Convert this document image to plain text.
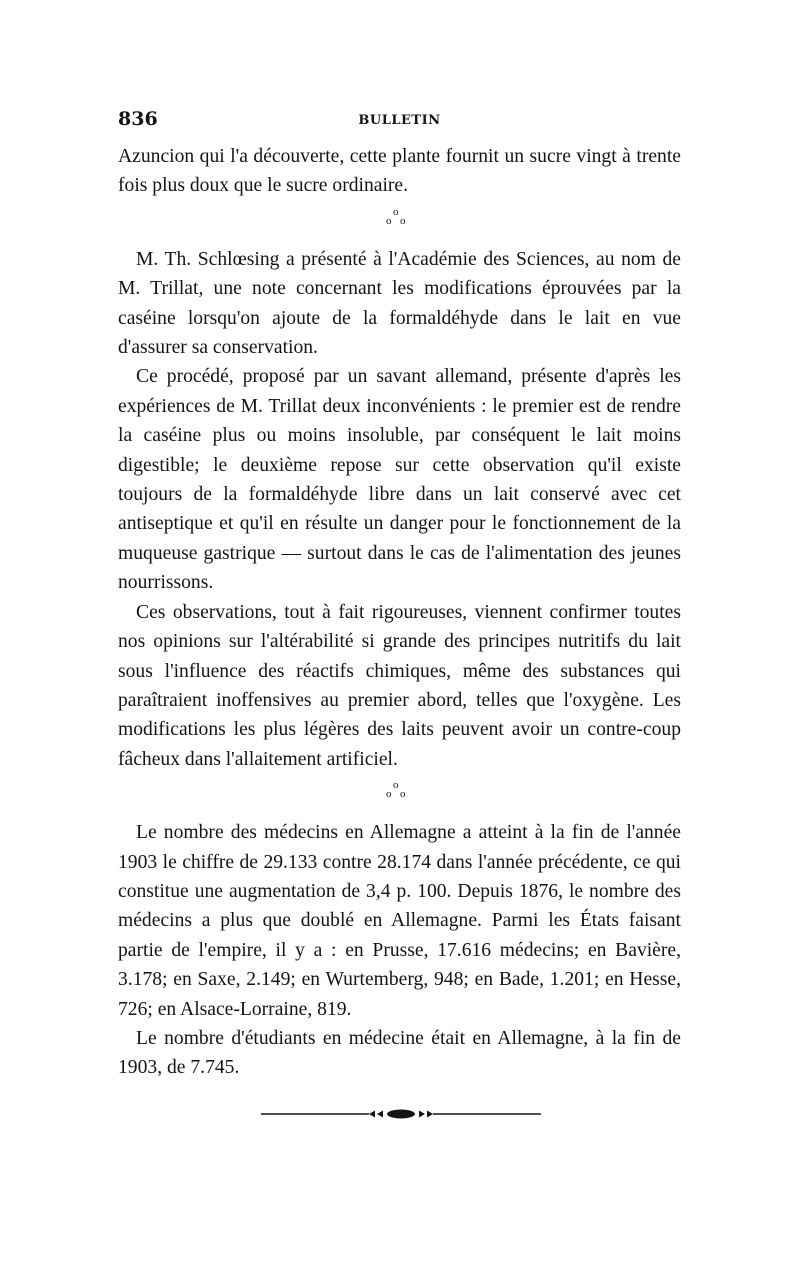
836	BULLETIN

Azuncion qui l'a découverte, cette plante fournit un sucre vingt à trente fois plus doux que le sucre ordinaire.

o
o o

M. Th. Schlœsing a présenté à l'Académie des Sciences, au nom de M. Trillat, une note concernant les modifications éprouvées par la caséine lorsqu'on ajoute de la formaldéhyde dans le lait en vue d'assurer sa conservation.

Ce procédé, proposé par un savant allemand, présente d'après les expériences de M. Trillat deux inconvénients : le premier est de rendre la caséine plus ou moins insoluble, par conséquent le lait moins digestible; le deuxième repose sur cette observation qu'il existe toujours de la formaldéhyde libre dans un lait conservé avec cet antiseptique et qu'il en résulte un danger pour le fonctionnement de la muqueuse gastrique — surtout dans le cas de l'alimentation des jeunes nourrissons.

Ces observations, tout à fait rigoureuses, viennent confirmer toutes nos opinions sur l'altérabilité si grande des principes nutritifs du lait sous l'influence des réactifs chimiques, même des substances qui paraîtraient inoffensives au premier abord, telles que l'oxygène. Les modifications les plus légères des laits peuvent avoir un contre-coup fâcheux dans l'allaitement artificiel.

o
o o

Le nombre des médecins en Allemagne a atteint à la fin de l'année 1903 le chiffre de 29.133 contre 28.174 dans l'année précédente, ce qui constitue une augmentation de 3,4 p. 100. Depuis 1876, le nombre des médecins a plus que doublé en Allemagne. Parmi les États faisant partie de l'empire, il y a : en Prusse, 17.616 médecins; en Bavière, 3.178; en Saxe, 2.149; en Wurtemberg, 948; en Bade, 1.201; en Hesse, 726; en Alsace-Lorraine, 819.

Le nombre d'étudiants en médecine était en Allemagne, à la fin de 1903, de 7.745.
